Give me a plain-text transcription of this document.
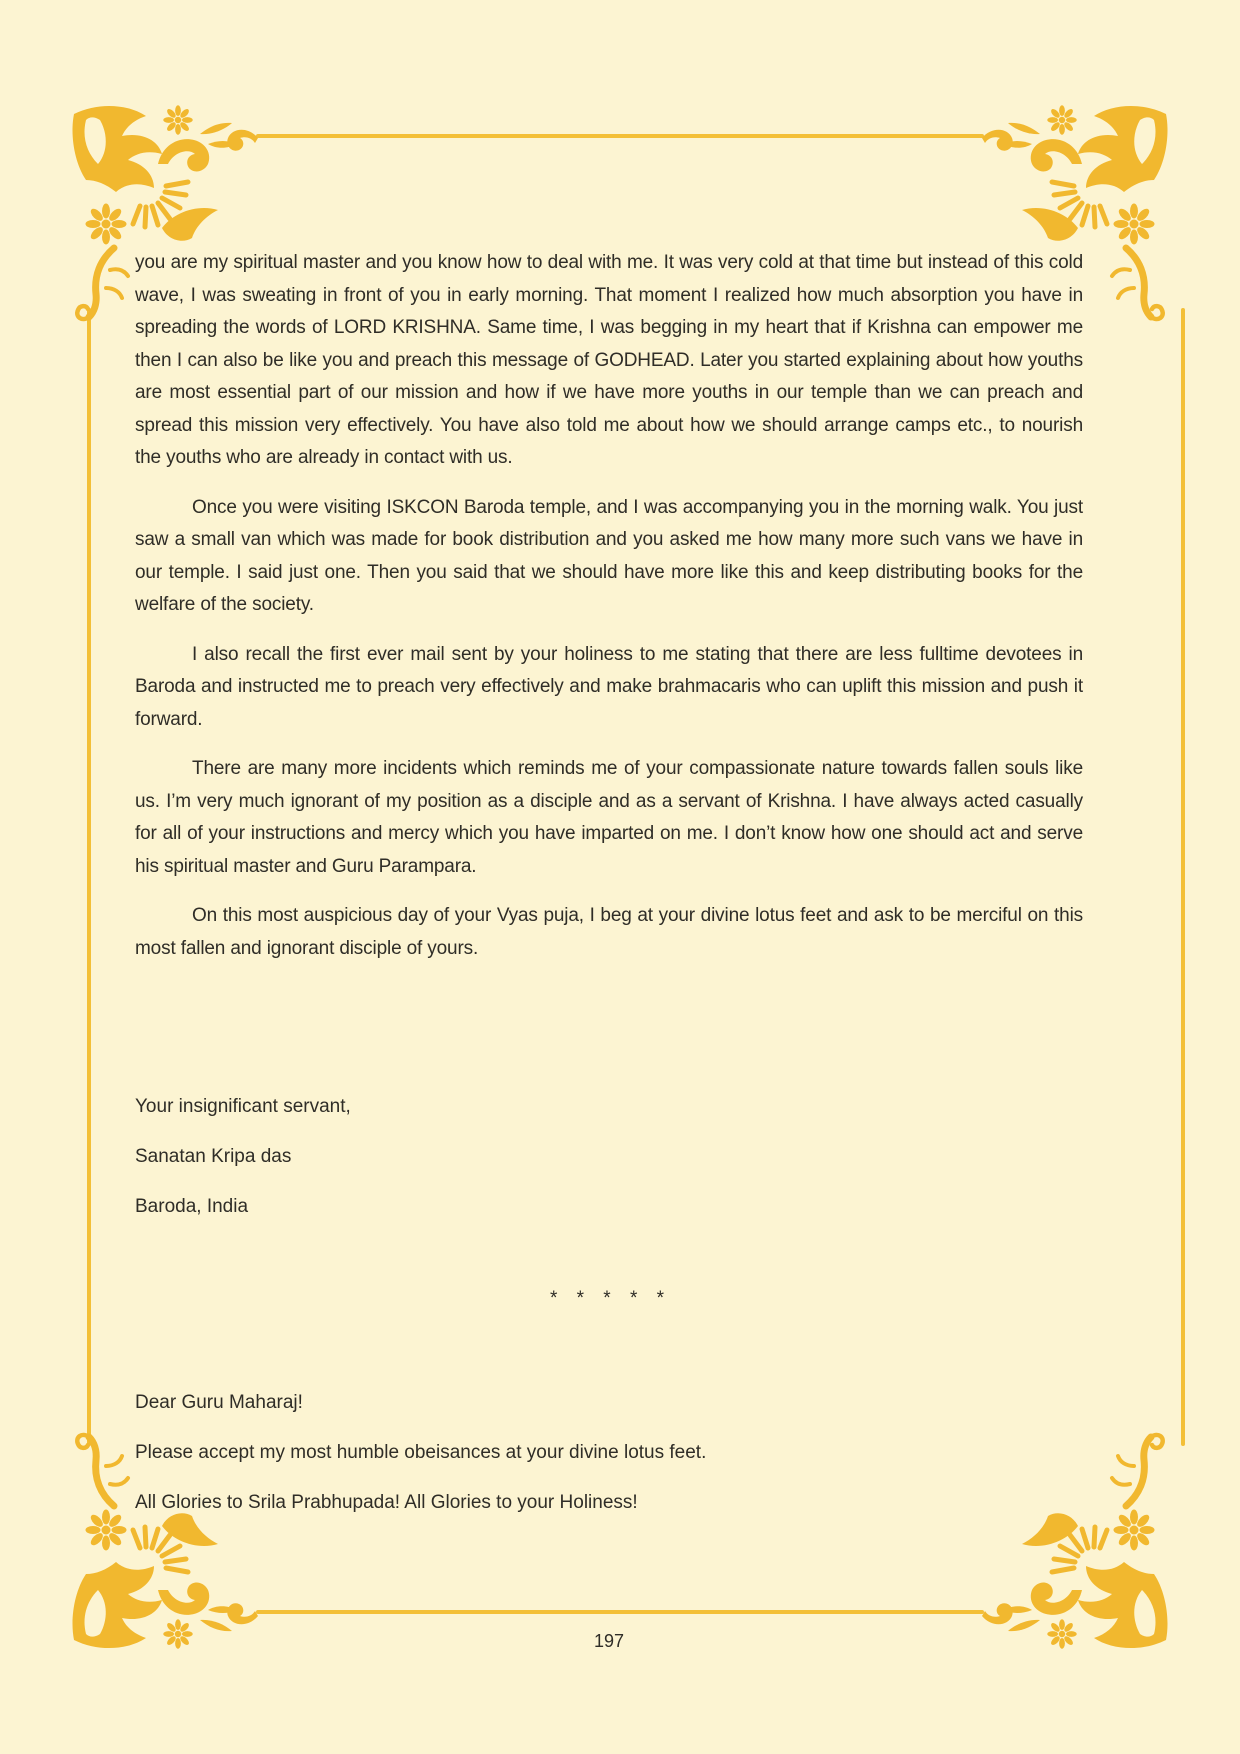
you are my spiritual master and you know how to deal with me. It was very cold at that time but instead of this cold wave, I was sweating in front of you in early morning. That moment I realized how much absorption you have in spreading the words of LORD KRISHNA. Same time, I was begging in my heart that if Krishna can empower me then I can also be like you and preach this message of GODHEAD. Later you started explaining about how youths are most essential part of our mission and how if we have more youths in our temple than we can preach and spread this mission very effectively. You have also told me about how we should arrange camps etc., to nourish the youths who are already in contact with us.

Once you were visiting ISKCON Baroda temple, and I was accompanying you in the morning walk. You just saw a small van which was made for book distribution and you asked me how many more such vans we have in our temple. I said just one. Then you said that we should have more like this and keep distributing books for the welfare of the society.

I also recall the first ever mail sent by your holiness to me stating that there are less fulltime devotees in Baroda and instructed me to preach very effectively and make brahmacaris who can uplift this mission and push it forward.

There are many more incidents which reminds me of your compassionate nature towards fallen souls like us. I’m very much ignorant of my position as a disciple and as a servant of Krishna. I have always acted casually for all of your instructions and mercy which you have imparted on me. I don’t know how one should act and serve his spiritual master and Guru Parampara.

On this most auspicious day of your Vyas puja, I beg at your divine lotus feet and ask to be merciful on this most fallen and ignorant disciple of yours.

Your insignificant servant,
Sanatan Kripa das
Baroda, India
* * * * *
Dear Guru Maharaj!
Please accept my most humble obeisances at your divine lotus feet.
All Glories to Srila Prabhupada! All Glories to your Holiness!
197
